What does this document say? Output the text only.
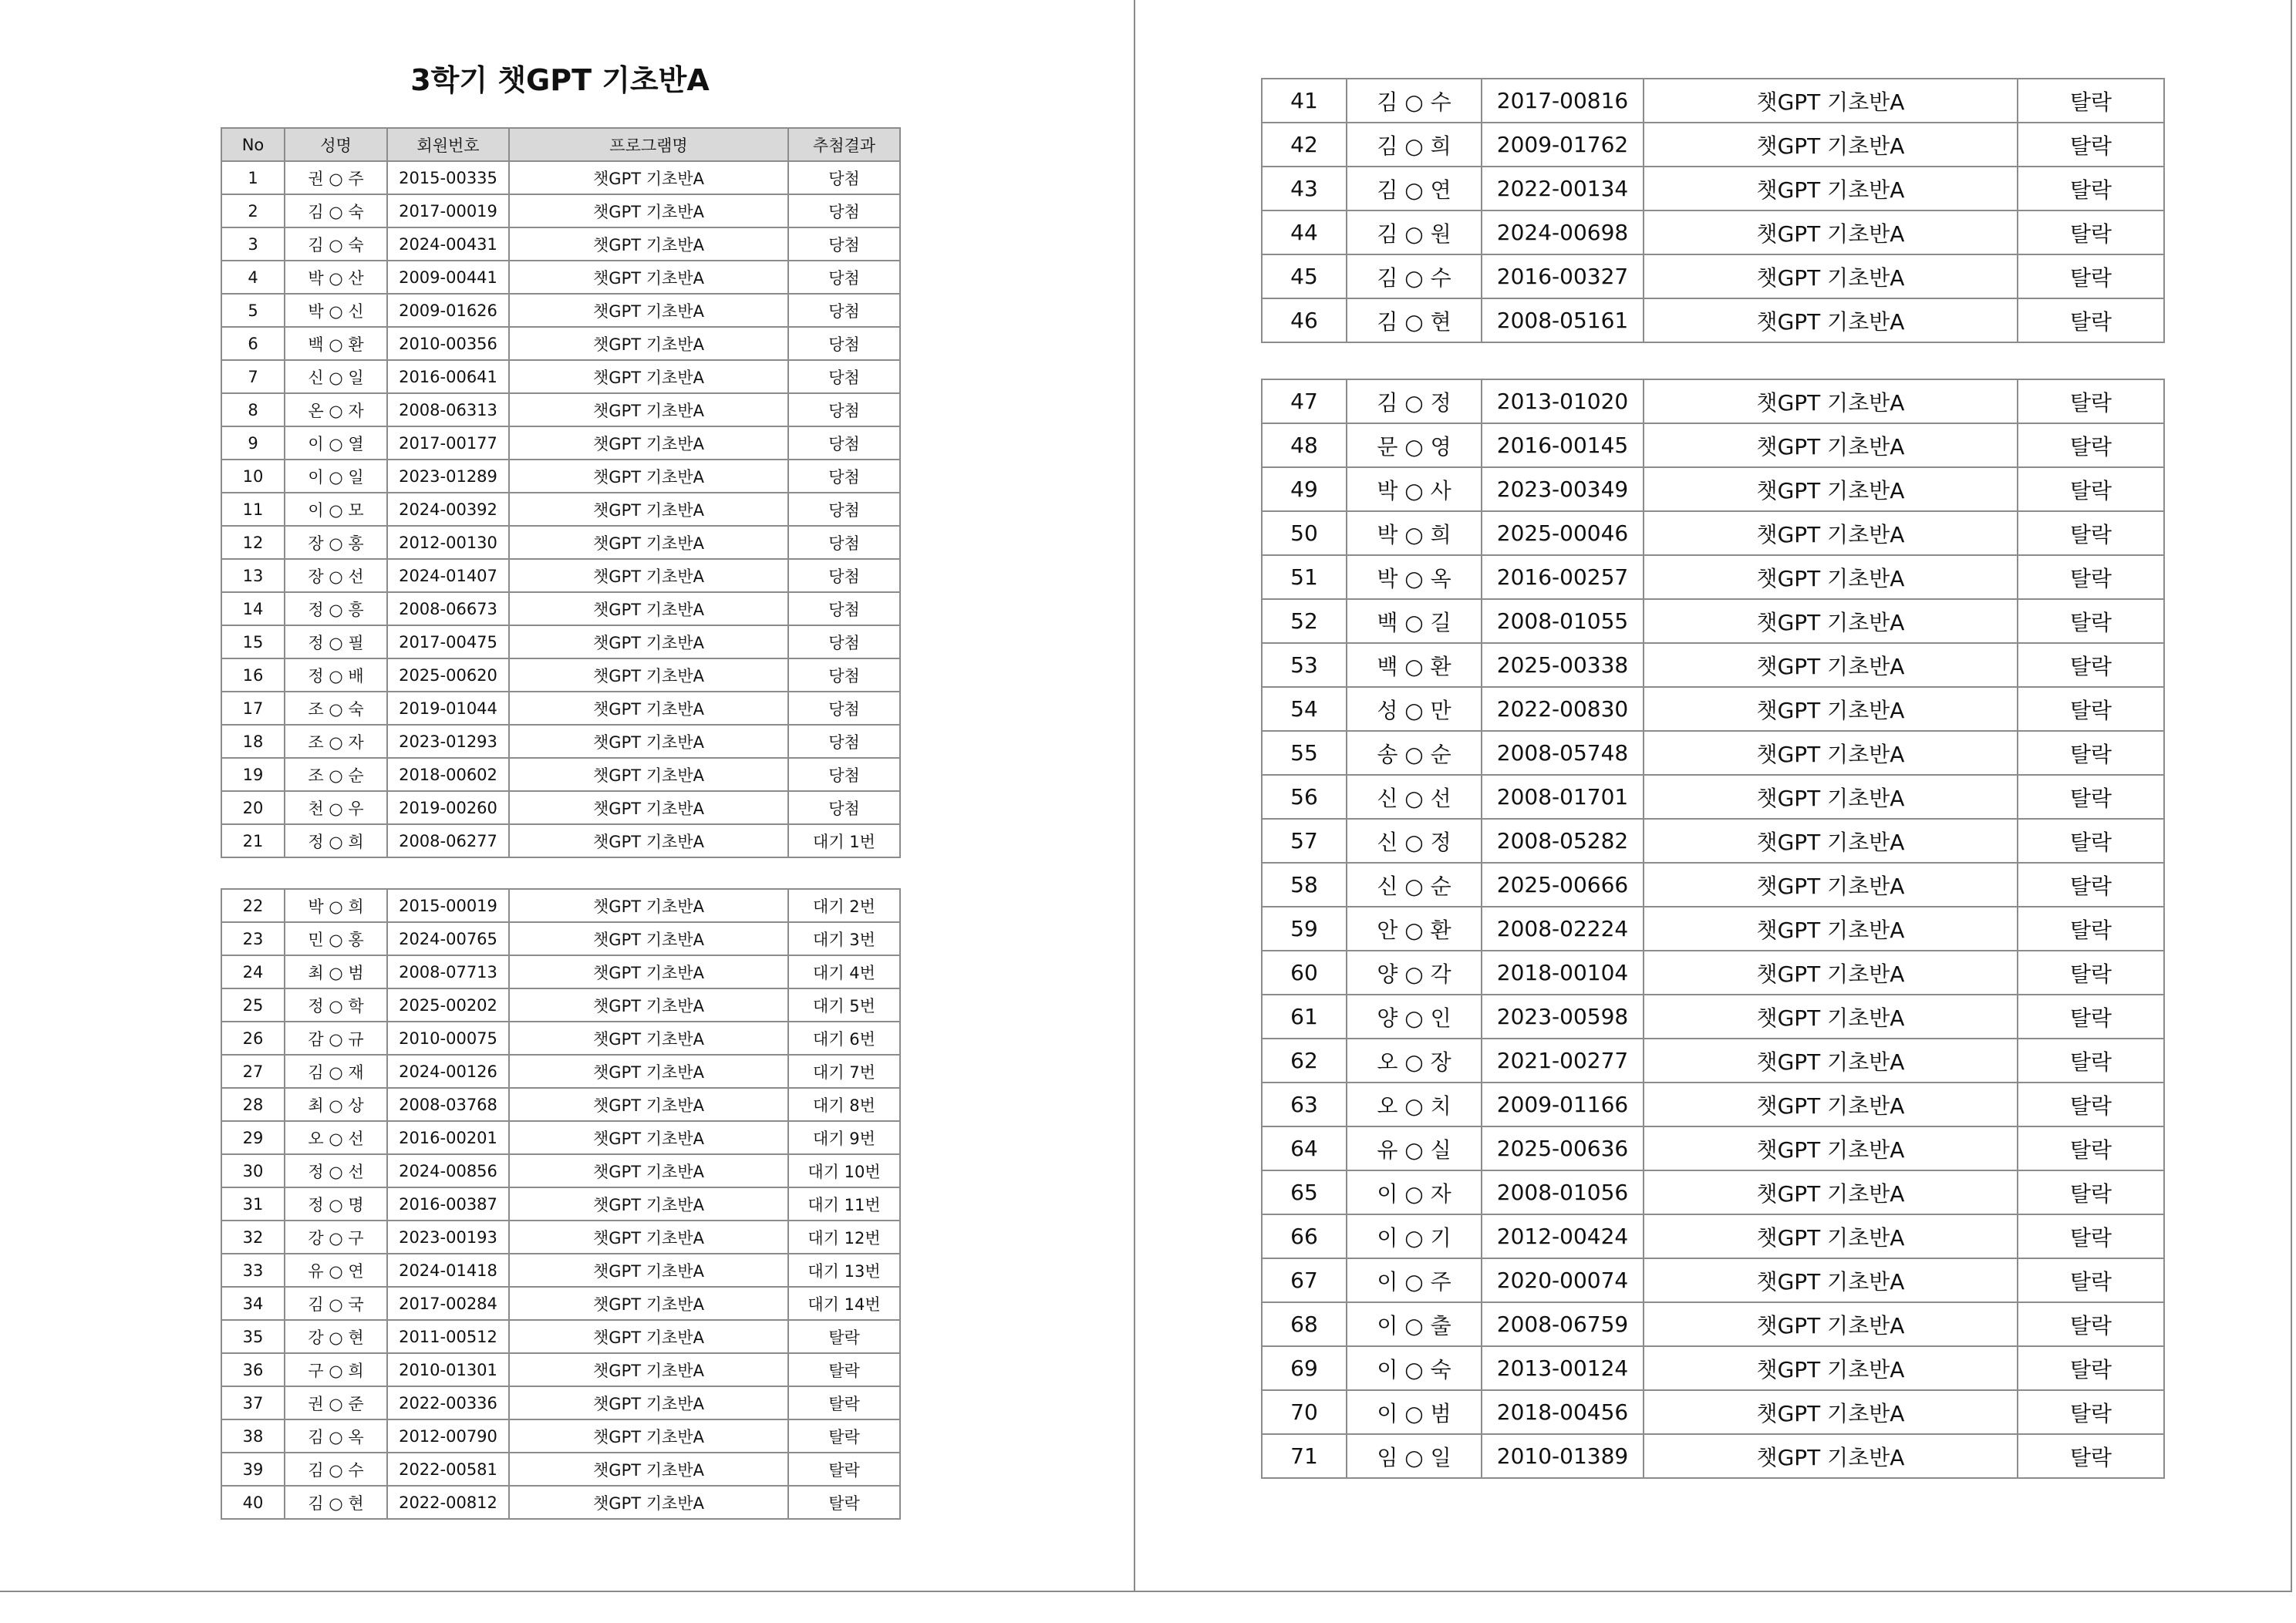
3학기 챗GPT 기초반A
No	성명	회원번호	프로그램명	추첨결과
1	권 ○ 주	2015-00335	챗GPT 기초반A	당첨
2	김 ○ 숙	2017-00019	챗GPT 기초반A	당첨
3	김 ○ 숙	2024-00431	챗GPT 기초반A	당첨
4	박 ○ 산	2009-00441	챗GPT 기초반A	당첨
5	박 ○ 신	2009-01626	챗GPT 기초반A	당첨
6	백 ○ 환	2010-00356	챗GPT 기초반A	당첨
7	신 ○ 일	2016-00641	챗GPT 기초반A	당첨
8	온 ○ 자	2008-06313	챗GPT 기초반A	당첨
9	이 ○ 열	2017-00177	챗GPT 기초반A	당첨
10	이 ○ 일	2023-01289	챗GPT 기초반A	당첨
11	이 ○ 모	2024-00392	챗GPT 기초반A	당첨
12	장 ○ 홍	2012-00130	챗GPT 기초반A	당첨
13	장 ○ 선	2024-01407	챗GPT 기초반A	당첨
14	정 ○ 흥	2008-06673	챗GPT 기초반A	당첨
15	정 ○ 필	2017-00475	챗GPT 기초반A	당첨
16	정 ○ 배	2025-00620	챗GPT 기초반A	당첨
17	조 ○ 숙	2019-01044	챗GPT 기초반A	당첨
18	조 ○ 자	2023-01293	챗GPT 기초반A	당첨
19	조 ○ 순	2018-00602	챗GPT 기초반A	당첨
20	천 ○ 우	2019-00260	챗GPT 기초반A	당첨
21	정 ○ 희	2008-06277	챗GPT 기초반A	대기 1번
22	박 ○ 희	2015-00019	챗GPT 기초반A	대기 2번
23	민 ○ 홍	2024-00765	챗GPT 기초반A	대기 3번
24	최 ○ 범	2008-07713	챗GPT 기초반A	대기 4번
25	정 ○ 학	2025-00202	챗GPT 기초반A	대기 5번
26	감 ○ 규	2010-00075	챗GPT 기초반A	대기 6번
27	김 ○ 재	2024-00126	챗GPT 기초반A	대기 7번
28	최 ○ 상	2008-03768	챗GPT 기초반A	대기 8번
29	오 ○ 선	2016-00201	챗GPT 기초반A	대기 9번
30	정 ○ 선	2024-00856	챗GPT 기초반A	대기 10번
31	정 ○ 명	2016-00387	챗GPT 기초반A	대기 11번
32	강 ○ 구	2023-00193	챗GPT 기초반A	대기 12번
33	유 ○ 연	2024-01418	챗GPT 기초반A	대기 13번
34	김 ○ 국	2017-00284	챗GPT 기초반A	대기 14번
35	강 ○ 현	2011-00512	챗GPT 기초반A	탈락
36	구 ○ 희	2010-01301	챗GPT 기초반A	탈락
37	권 ○ 준	2022-00336	챗GPT 기초반A	탈락
38	김 ○ 옥	2012-00790	챗GPT 기초반A	탈락
39	김 ○ 수	2022-00581	챗GPT 기초반A	탈락
40	김 ○ 현	2022-00812	챗GPT 기초반A	탈락
41	김 ○ 수	2017-00816	챗GPT 기초반A	탈락
42	김 ○ 희	2009-01762	챗GPT 기초반A	탈락
43	김 ○ 연	2022-00134	챗GPT 기초반A	탈락
44	김 ○ 원	2024-00698	챗GPT 기초반A	탈락
45	김 ○ 수	2016-00327	챗GPT 기초반A	탈락
46	김 ○ 현	2008-05161	챗GPT 기초반A	탈락
47	김 ○ 정	2013-01020	챗GPT 기초반A	탈락
48	문 ○ 영	2016-00145	챗GPT 기초반A	탈락
49	박 ○ 사	2023-00349	챗GPT 기초반A	탈락
50	박 ○ 희	2025-00046	챗GPT 기초반A	탈락
51	박 ○ 옥	2016-00257	챗GPT 기초반A	탈락
52	백 ○ 길	2008-01055	챗GPT 기초반A	탈락
53	백 ○ 환	2025-00338	챗GPT 기초반A	탈락
54	성 ○ 만	2022-00830	챗GPT 기초반A	탈락
55	송 ○ 순	2008-05748	챗GPT 기초반A	탈락
56	신 ○ 선	2008-01701	챗GPT 기초반A	탈락
57	신 ○ 정	2008-05282	챗GPT 기초반A	탈락
58	신 ○ 순	2025-00666	챗GPT 기초반A	탈락
59	안 ○ 환	2008-02224	챗GPT 기초반A	탈락
60	양 ○ 각	2018-00104	챗GPT 기초반A	탈락
61	양 ○ 인	2023-00598	챗GPT 기초반A	탈락
62	오 ○ 장	2021-00277	챗GPT 기초반A	탈락
63	오 ○ 치	2009-01166	챗GPT 기초반A	탈락
64	유 ○ 실	2025-00636	챗GPT 기초반A	탈락
65	이 ○ 자	2008-01056	챗GPT 기초반A	탈락
66	이 ○ 기	2012-00424	챗GPT 기초반A	탈락
67	이 ○ 주	2020-00074	챗GPT 기초반A	탈락
68	이 ○ 출	2008-06759	챗GPT 기초반A	탈락
69	이 ○ 숙	2013-00124	챗GPT 기초반A	탈락
70	이 ○ 범	2018-00456	챗GPT 기초반A	탈락
71	임 ○ 일	2010-01389	챗GPT 기초반A	탈락
